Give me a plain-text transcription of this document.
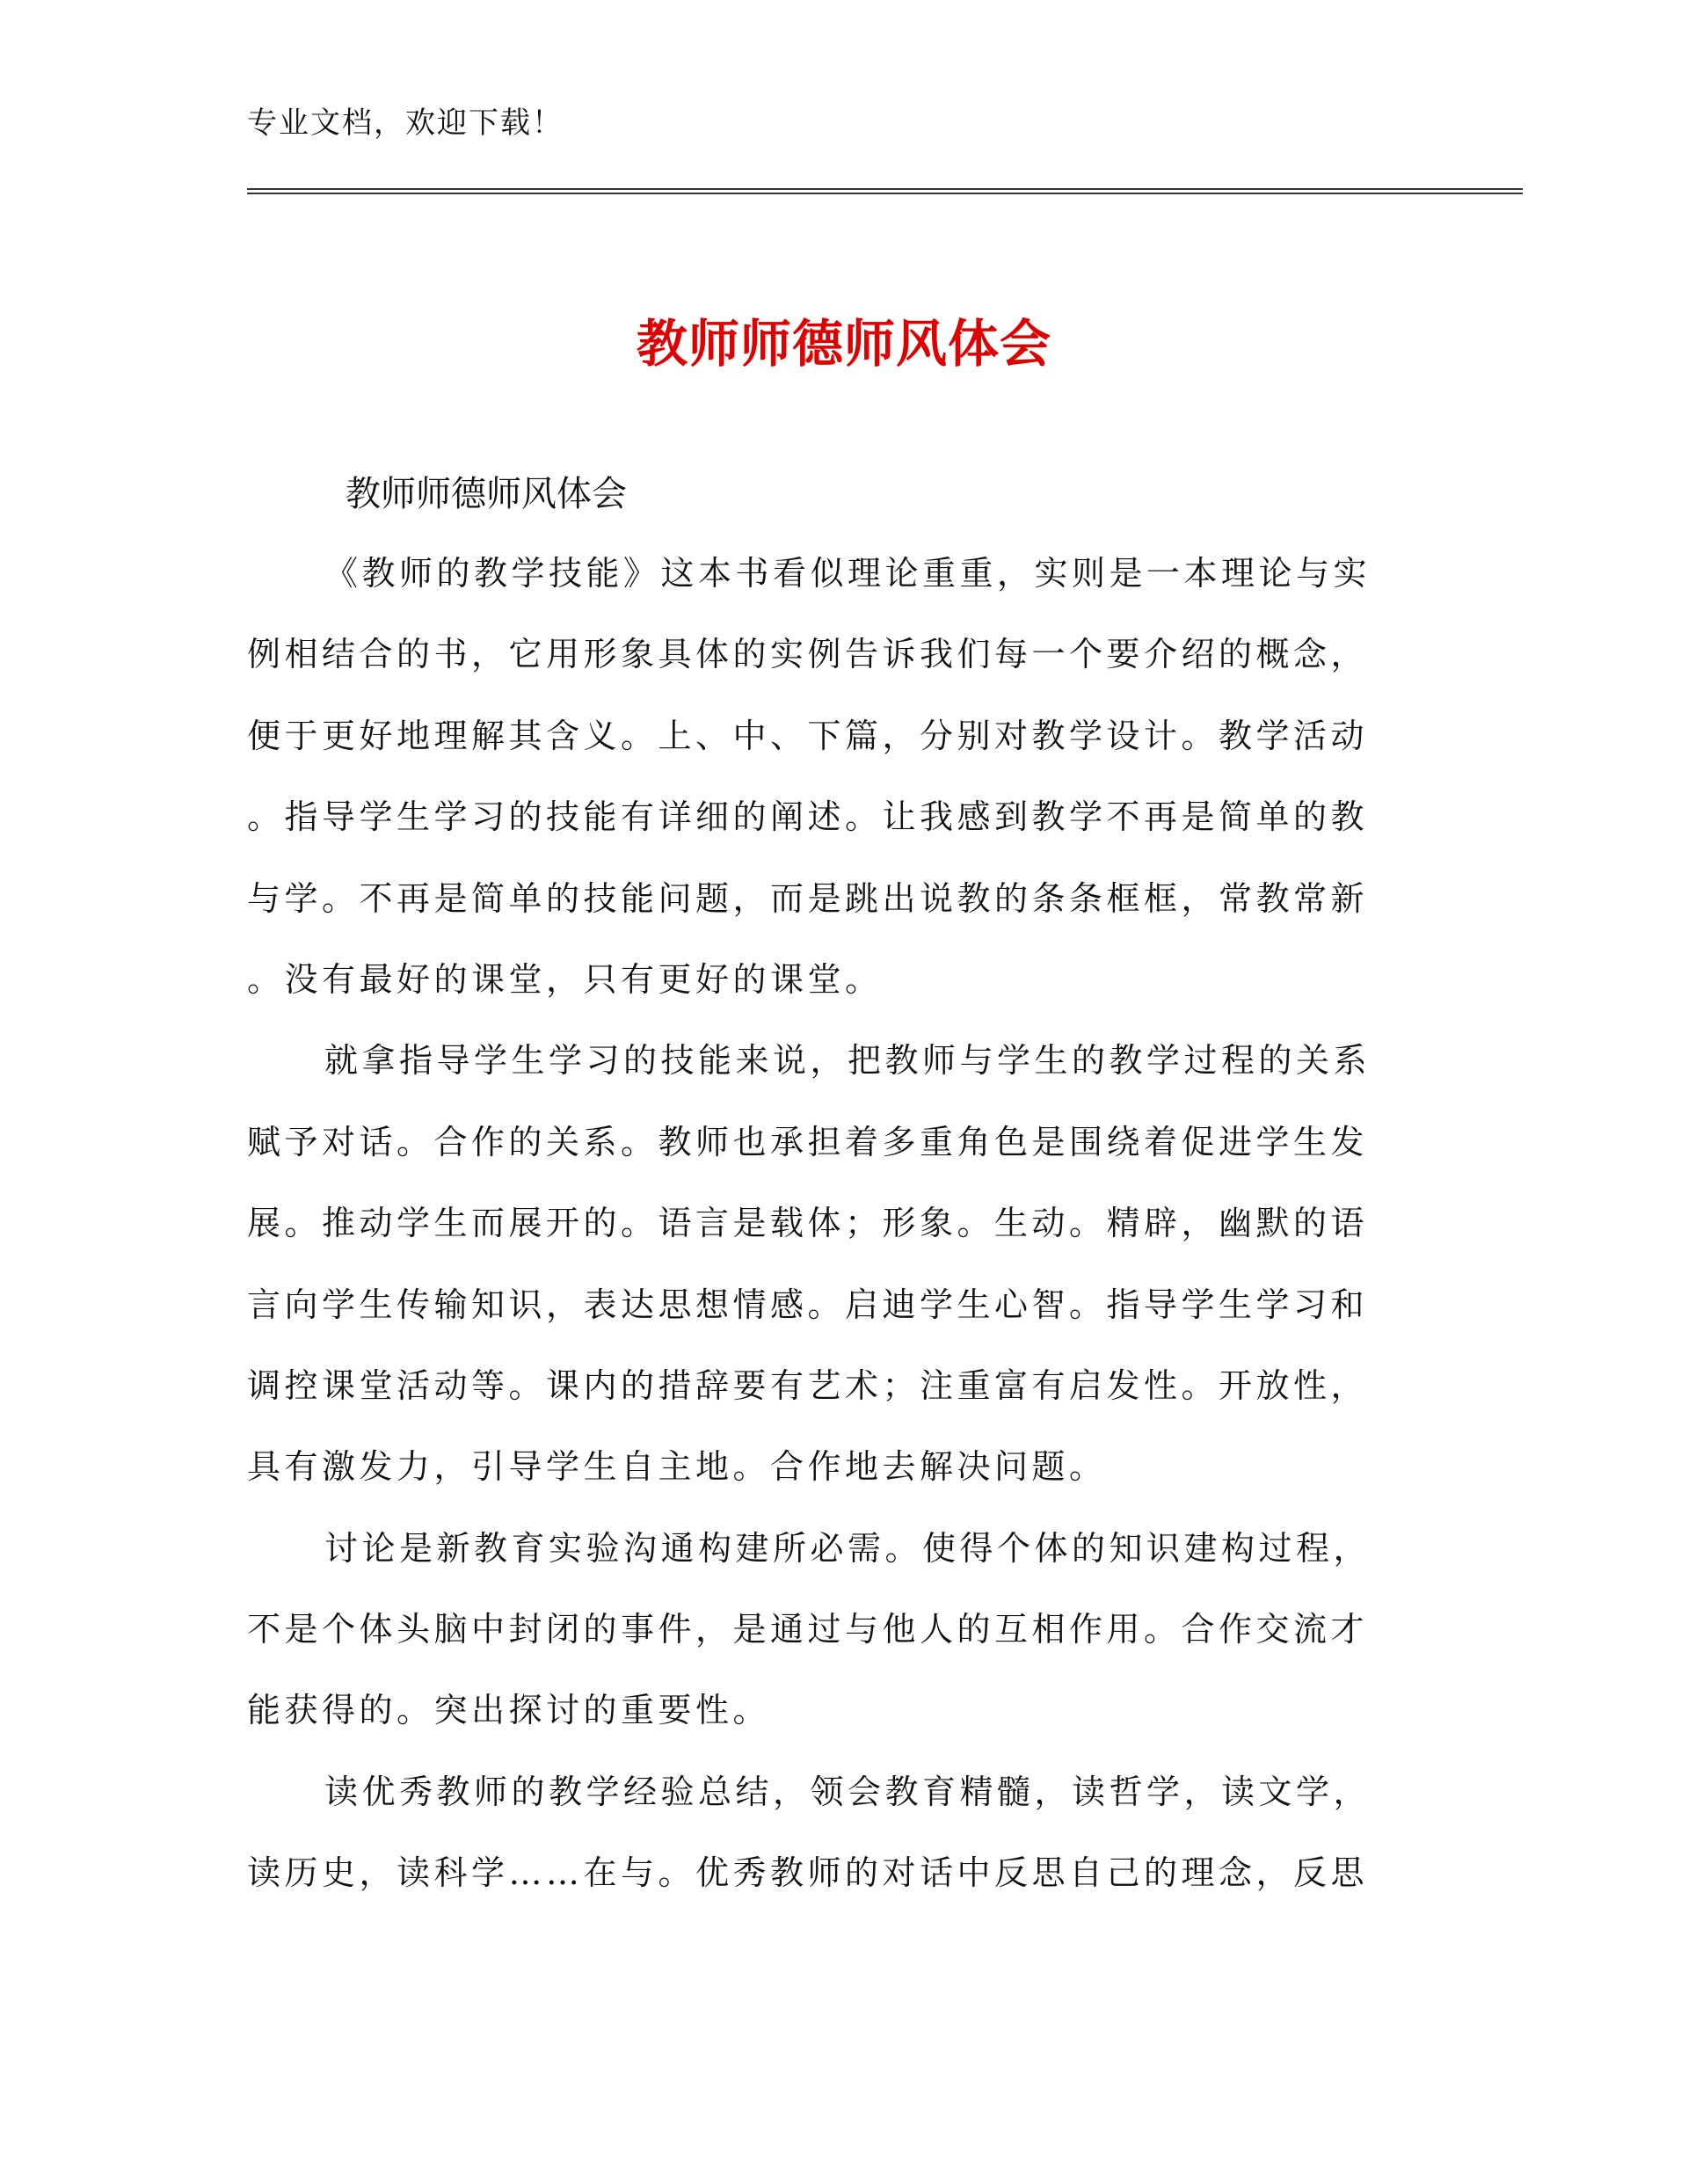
专业文档，欢迎下载！
教师师德师风体会
教师师德师风体会

《教师的教学技能》这本书看似理论重重，实则是一本理论与实
例相结合的书，它用形象具体的实例告诉我们每一个要介绍的概念，
便于更好地理解其含义。上、中、下篇，分别对教学设计。教学活动
。指导学生学习的技能有详细的阐述。让我感到教学不再是简单的教
与学。不再是简单的技能问题，而是跳出说教的条条框框，常教常新
。没有最好的课堂，只有更好的课堂。

就拿指导学生学习的技能来说，把教师与学生的教学过程的关系
赋予对话。合作的关系。教师也承担着多重角色是围绕着促进学生发
展。推动学生而展开的。语言是载体；形象。生动。精辟，幽默的语
言向学生传输知识，表达思想情感。启迪学生心智。指导学生学习和
调控课堂活动等。课内的措辞要有艺术；注重富有启发性。开放性，
具有激发力，引导学生自主地。合作地去解决问题。

讨论是新教育实验沟通构建所必需。使得个体的知识建构过程，
不是个体头脑中封闭的事件，是通过与他人的互相作用。合作交流才
能获得的。突出探讨的重要性。

读优秀教师的教学经验总结，领会教育精髓，读哲学，读文学，
读历史，读科学……在与。优秀教师的对话中反思自己的理念，反思
